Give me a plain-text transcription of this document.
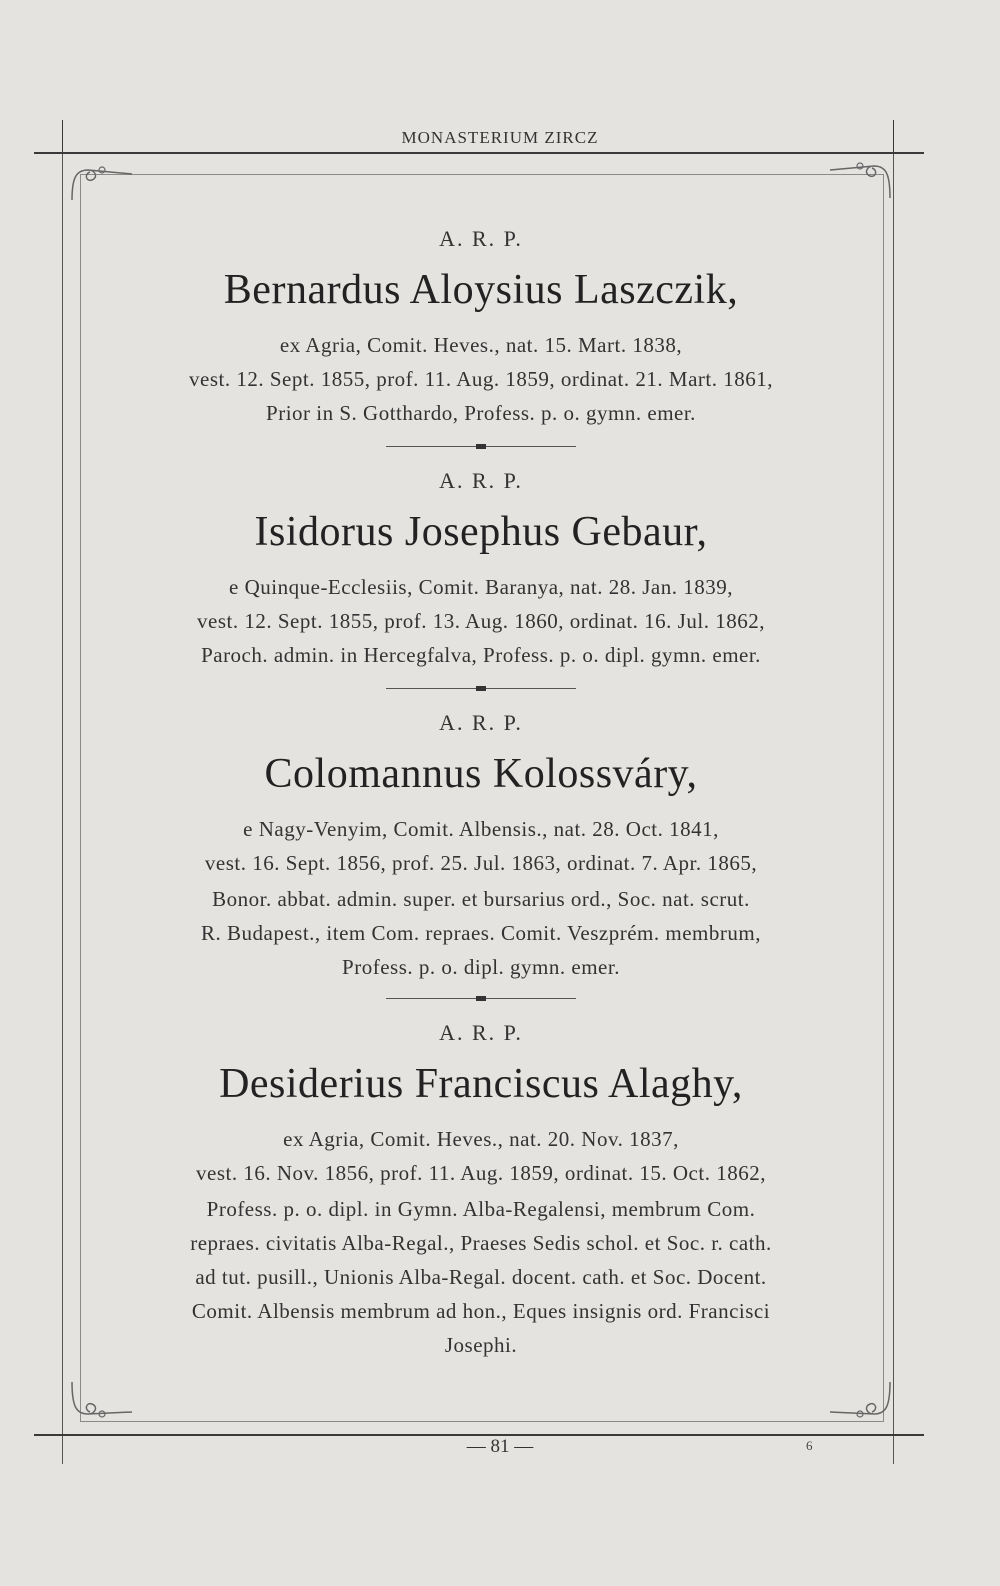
MONASTERIUM ZIRCZ
A. R. P.
Bernardus Aloysius Laszczik,
ex Agria, Comit. Heves., nat. 15. Mart. 1838,
vest. 12. Sept. 1855, prof. 11. Aug. 1859, ordinat. 21. Mart. 1861,
Prior in S. Gotthardo, Profess. p. o. gymn. emer.
A. R. P.
Isidorus Josephus Gebaur,
e Quinque-Ecclesiis, Comit. Baranya, nat. 28. Jan. 1839,
vest. 12. Sept. 1855, prof. 13. Aug. 1860, ordinat. 16. Jul. 1862,
Paroch. admin. in Hercegfalva, Profess. p. o. dipl. gymn. emer.
A. R. P.
Colomannus Kolossváry,
e Nagy-Venyim, Comit. Albensis., nat. 28. Oct. 1841,
vest. 16. Sept. 1856, prof. 25. Jul. 1863, ordinat. 7. Apr. 1865,
Bonor. abbat. admin. super. et bursarius ord., Soc. nat. scrut.
R. Budapest., item Com. repraes. Comit. Veszprém. membrum,
Profess. p. o. dipl. gymn. emer.
A. R. P.
Desiderius Franciscus Alaghy,
ex Agria, Comit. Heves., nat. 20. Nov. 1837,
vest. 16. Nov. 1856, prof. 11. Aug. 1859, ordinat. 15. Oct. 1862,
Profess. p. o. dipl. in Gymn. Alba-Regalensi, membrum Com.
repraes. civitatis Alba-Regal., Praeses Sedis schol. et Soc. r. cath.
ad tut. pusill., Unionis Alba-Regal. docent. cath. et Soc. Docent.
Comit. Albensis membrum ad hon., Eques insignis ord. Francisci
Josephi.
— 81 —	6
